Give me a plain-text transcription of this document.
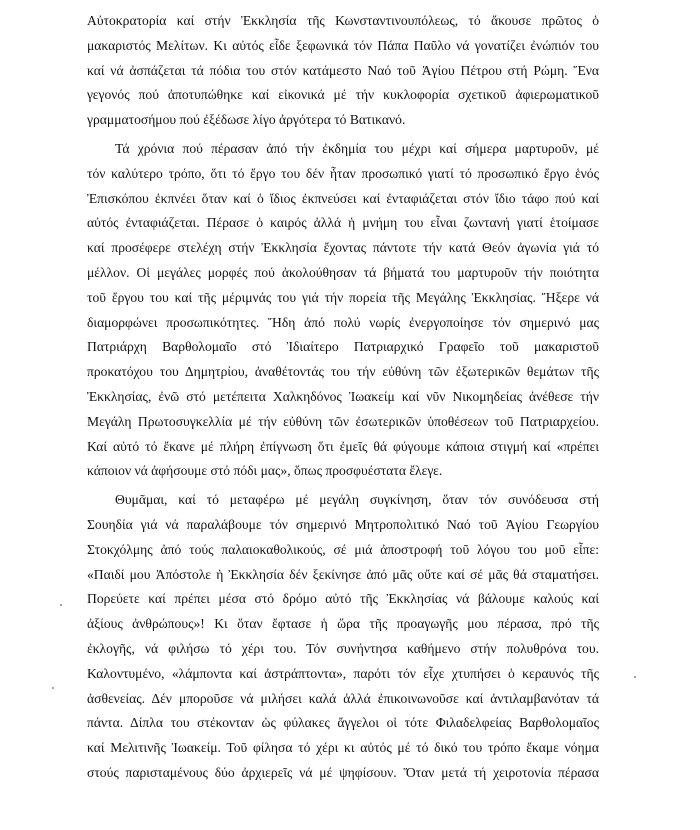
Αὐτοκρατορία καί στήν Ἐκκλησία τῆς Κωνσταντινουπόλεως, τό ἄκουσε πρῶτος ὁ
μακαριστός Μελίτων. Κι αὐτός εἶδε ξεφωνικά τόν Πάπα Παῦλο νά γονατίζει ἐνώπιόν του
καί νά ἀσπάζεται τά πόδια του στόν κατάμεστο Ναό τοῦ Ἁγίου Πέτρου στή Ρώμη. Ἕνα
γεγονός πού ἀποτυπώθηκε καί εἰκονικά μέ τήν κυκλοφορία σχετικοῦ ἀφιερωματικοῦ
γραμματοσήμου πού ἐξέδωσε λίγο ἀργότερα τό Βατικανό.
Τά χρόνια πού πέρασαν ἀπό τήν ἐκδημία του μέχρι καί σήμερα μαρτυροῦν, μέ
τόν καλύτερο τρόπο, ὅτι τό ἔργο του δέν ἦταν προσωπικό γιατί τό προσωπικό ἔργο ἑνός
Ἐπισκόπου ἐκπνέει ὅταν καί ὁ ἴδιος ἐκπνεύσει καί ἐνταφιάζεται στόν ἴδιο τάφο πού καί
αὐτός ἐνταφιάζεται. Πέρασε ὁ καιρός ἀλλά ἡ μνήμη του εἶναι ζωντανή γιατί ἑτοίμασε
καί προσέφερε στελέχη στήν Ἐκκλησία ἔχοντας πάντοτε τήν κατά Θεόν ἀγωνία γιά τό
μέλλον. Οἱ μεγάλες μορφές πού ἀκολούθησαν τά βήματά του μαρτυροῦν τήν ποιότητα
τοῦ ἔργου του καί τῆς μέριμνάς του γιά τήν πορεία τῆς Μεγάλης Ἐκκλησίας. Ἤξερε νά
διαμορφώνει προσωπικότητες. Ἤδη ἀπό πολύ νωρίς ἐνεργοποίησε τόν σημερινό μας
Πατριάρχη Βαρθολομαῖο στό Ἰδιαίτερο Πατριαρχικό Γραφεῖο τοῦ μακαριστοῦ
προκατόχου του Δημητρίου, ἀναθέτοντάς του τήν εὐθύνη τῶν ἐξωτερικῶν θεμάτων τῆς
Ἐκκλησίας, ἐνῶ στό μετέπειτα Χαλκηδόνος Ἰωακείμ καί νῦν Νικομηδείας ἀνέθεσε τήν
Μεγάλη Πρωτοσυγκελλία μέ τήν εὐθύνη τῶν ἐσωτερικῶν ὑποθέσεων τοῦ Πατριαρχείου.
Καί αὐτό τό ἔκανε μέ πλήρη ἐπίγνωση ὅτι ἐμεῖς θά φύγουμε κάποια στιγμή καί «πρέπει
κάποιον νά ἀφήσουμε στό πόδι μας», ὅπως προσφυέστατα ἔλεγε.
Θυμᾶμαι, καί τό μεταφέρω μέ μεγάλη συγκίνηση, ὅταν τόν συνόδευσα στή
Σουηδία γιά νά παραλάβουμε τόν σημερινό Μητροπολιτικό Ναό τοῦ Ἁγίου Γεωργίου
Στοκχόλμης ἀπό τούς παλαιοκαθολικούς, σέ μιά ἀποστροφή τοῦ λόγου του μοῦ εἶπε:
«Παιδί μου Ἀπόστολε ἡ Ἐκκλησία δέν ξεκίνησε ἀπό μᾶς οὔτε καί σέ μᾶς θά σταματήσει.
Πορεύετε καί πρέπει μέσα στό δρόμο αὐτό τῆς Ἐκκλησίας νά βάλουμε καλούς καί
ἀξίους ἀνθρώπους»! Κι ὅταν ἔφτασε ἡ ὥρα τῆς προαγωγῆς μου πέρασα, πρό τῆς
ἐκλογῆς, νά φιλήσω τό χέρι του. Τόν συνήντησα καθήμενο στήν πολυθρόνα του.
Καλοντυμένο, «λάμποντα καί ἀστράπτοντα», παρότι τόν εἶχε χτυπήσει ὁ κεραυνός τῆς
ἀσθενείας. Δέν μποροῦσε νά μιλήσει καλά ἀλλά ἐπικοινωνοῦσε καί ἀντιλαμβανόταν τά
πάντα. Δίπλα του στέκονταν ὡς φύλακες ἄγγελοι οἱ τότε Φιλαδελφείας Βαρθολομαῖος
καί Μελιτινῆς Ἰωακείμ. Τοῦ φίλησα τό χέρι κι αὐτός μέ τό δικό του τρόπο ἔκαμε νόημα
στούς παρισταμένους δύο ἀρχιερεῖς νά μέ ψηφίσουν. Ὅταν μετά τή χειροτονία πέρασα
